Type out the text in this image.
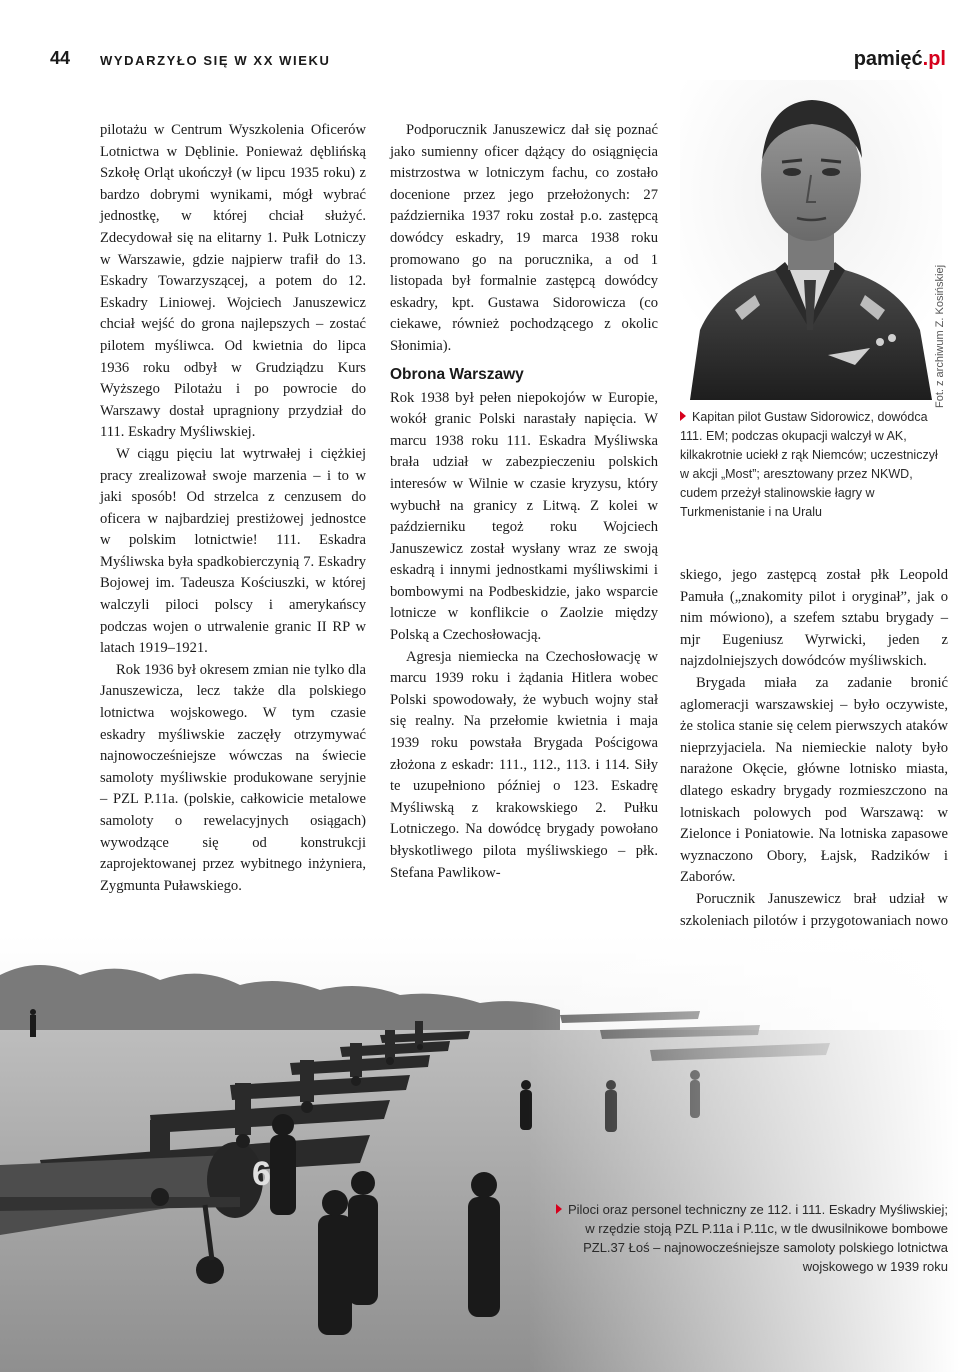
44 WYDARZYŁO SIĘ W XX WIEKU	pamięć.pl

pilotażu w Centrum Wyszkolenia Oficerów Lotnictwa w Dęblinie. Ponieważ dęblińską Szkołę Orląt ukończył (w lipcu 1935 roku) z bardzo dobrymi wynikami, mógł wybrać jednostkę, w której chciał służyć. Zdecydował się na elitarny 1. Pułk Lotniczy w Warszawie, gdzie najpierw trafił do 13. Eskadry Towarzyszącej, a potem do 12. Eskadry Liniowej. Wojciech Januszewicz chciał wejść do grona najlepszych – zostać pilotem myśliwca. Od kwietnia do lipca 1936 roku odbył w Grudziądzu Kurs Wyższego Pilotażu i po powrocie do Warszawy dostał upragniony przydział do 111. Eskadry Myśliwskiej.

W ciągu pięciu lat wytrwałej i ciężkiej pracy zrealizował swoje marzenia – i to w jaki sposób! Od strzelca z cenzusem do oficera w najbardziej prestiżowej jednostce w polskim lotnictwie! 111. Eskadra Myśliwska była spadkobierczynią 7. Eskadry Bojowej im. Tadeusza Kościuszki, w której walczyli piloci polscy i amerykańscy podczas wojen o utrwalenie granic II RP w latach 1919–1921.

Rok 1936 był okresem zmian nie tylko dla Januszewicza, lecz także dla polskiego lotnictwa wojskowego. W tym czasie eskadry myśliwskie zaczęły otrzymywać najnowocześniejsze wówczas na świecie samoloty myśliwskie produkowane seryjnie – PZL P.11a. (polskie, całkowicie metalowe samoloty o rewelacyjnych osiągach) wywodzące się od konstrukcji zaprojektowanej przez wybitnego inżyniera, Zygmunta Puławskiego.

Podporucznik Januszewicz dał się poznać jako sumienny oficer dążący do osiągnięcia mistrzostwa w lotniczym fachu, co zostało docenione przez jego przełożonych: 27 października 1937 roku został p.o. zastępcą dowódcy eskadry, 19 marca 1938 roku promowano go na porucznika, a od 1 listopada był formalnie zastępcą dowódcy eskadry, kpt. Gustawa Sidorowicza (co ciekawe, również pochodzącego z okolic Słonimia).

Obrona Warszawy

Rok 1938 był pełen niepokojów w Europie, wokół granic Polski narastały napięcia. W marcu 1938 roku 111. Eskadra Myśliwska brała udział w zabezpieczeniu polskich interesów w Wilnie w czasie kryzysu, który wybuchł na granicy z Litwą. Z kolei w październiku tegoż roku Wojciech Januszewicz został wysłany wraz ze swoją eskadrą i innymi jednostkami myśliwskimi i bombowymi na Podbeskidzie, jako wsparcie lotnicze w konflikcie o Zaolzie między Polską a Czechosłowacją.

Agresja niemiecka na Czechosłowację w marcu 1939 roku i żądania Hitlera wobec Polski spowodowały, że wybuch wojny stał się realny. Na przełomie kwietnia i maja 1939 roku powstała Brygada Pościgowa złożona z eskadr: 111., 112., 113. i 114. Siły te uzupełniono później o 123. Eskadrę Myśliwską z krakowskiego 2. Pułku Lotniczego. Na dowódcę brygady powołano błyskotliwego pilota myśliwskiego – płk. Stefana Pawlikow-

Fot. z archiwum Z. Kosińskiej
Kapitan pilot Gustaw Sidorowicz, dowódca 111. EM; podczas okupacji walczył w AK, kilkakrotnie uciekł z rąk Niemców; uczestniczył w akcji „Most”; aresztowany przez NKWD, cudem przeżył stalinowskie łagry w Turkmenistanie i na Uralu

skiego, jego zastępcą został płk Leopold Pamuła („znakomity pilot i oryginał”, jak o nim mówiono), a szefem sztabu brygady – mjr Eugeniusz Wyrwicki, jeden z najzdolniejszych dowódców myśliwskich.

Brygada miała za zadanie bronić aglomeracji warszawskiej – było oczywiste, że stolica stanie się celem pierwszych ataków nieprzyjaciela. Na niemieckie naloty było narażone Okęcie, główne lotnisko miasta, dlatego eskadry brygady rozmieszczono na lotniskach polowych pod Warszawą: w Zielonce i Poniatowie. Na lotniska zapasowe wyznaczono Obory, Łajsk, Radzików i Zaborów.

Porucznik Januszewicz brał udział w szkoleniach pilotów i przygotowaniach nowo

Piloci oraz personel techniczny ze 112. i 111. Eskadry Myśliwskiej; w rzędzie stoją PZL P.11a i P.11c, w tle dwusilnikowe bombowe PZL.37 Łoś – najnowocześniejsze samoloty polskiego lotnictwa wojskowego w 1939 roku
